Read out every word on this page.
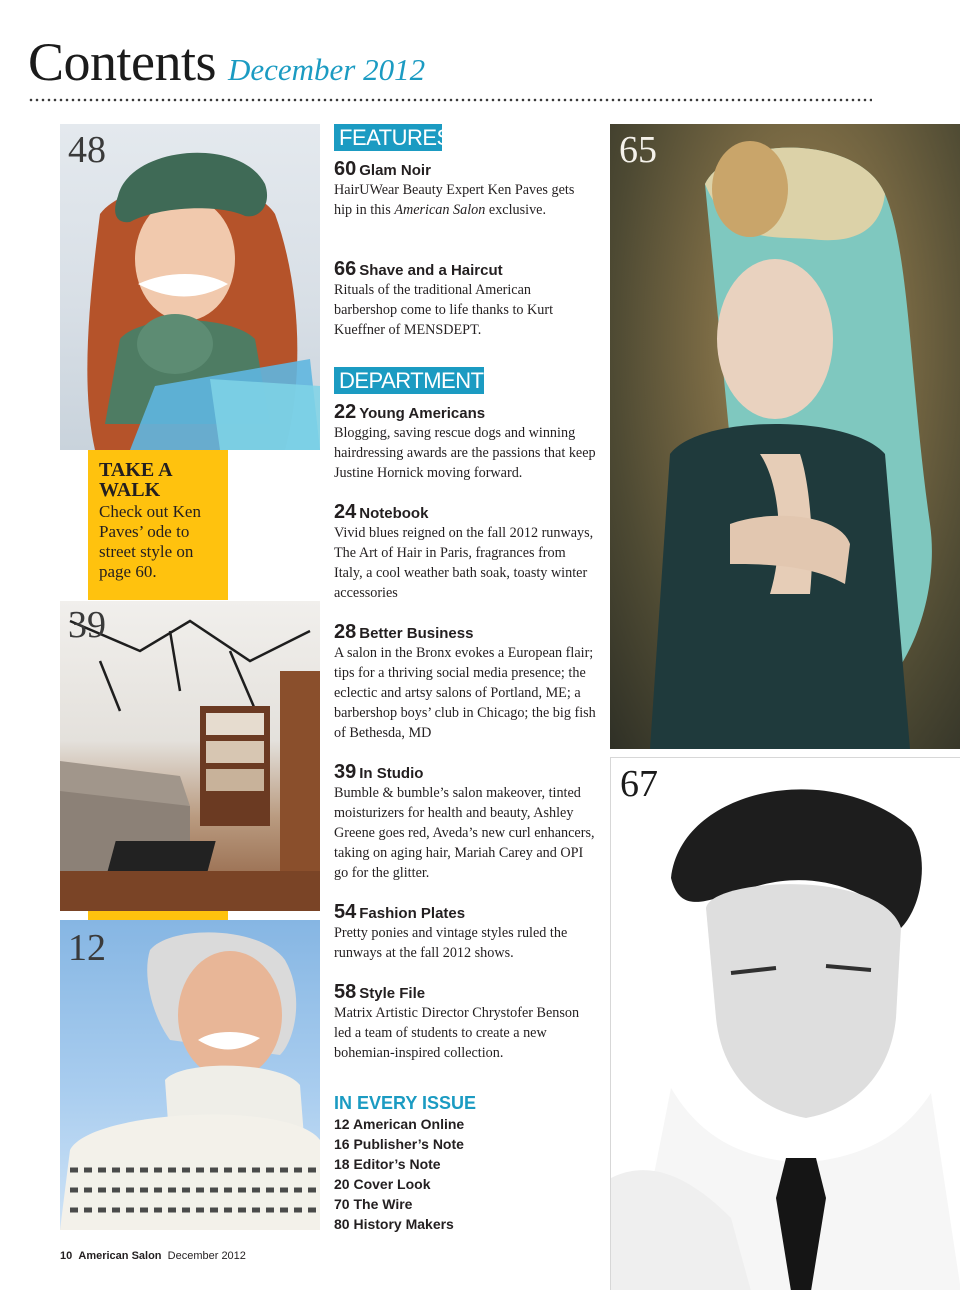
Contents December 2012
48
TAKE A WALK
Check out Ken Paves’ ode to street style on page 60.
39
12
10 American Salon December 2012
FEATURES
60 Glam Noir
HairUWear Beauty Expert Ken Paves gets hip in this American Salon exclusive.
66 Shave and a Haircut
Rituals of the traditional American barbershop come to life thanks to Kurt Kueffner of MENSDEPT.
DEPARTMENTS
22 Young Americans
Blogging, saving rescue dogs and winning hairdressing awards are the passions that keep Justine Hornick moving forward.
24 Notebook
Vivid blues reigned on the fall 2012 runways, The Art of Hair in Paris, fragrances from Italy, a cool weather bath soak, toasty winter accessories
28 Better Business
A salon in the Bronx evokes a European flair; tips for a thriving social media presence; the eclectic and artsy salons of Portland, ME; a barbershop boys’ club in Chicago; the big fish of Bethesda, MD
39 In Studio
Bumble & bumble’s salon makeover, tinted moisturizers for health and beauty, Ashley Greene goes red, Aveda’s new curl enhancers, taking on aging hair, Mariah Carey and OPI go for the glitter.
54 Fashion Plates
Pretty ponies and vintage styles ruled the runways at the fall 2012 shows.
58 Style File
Matrix Artistic Director Chrystofer Benson led a team of students to create a new bohemian-inspired collection.
IN EVERY ISSUE
12 American Online
16 Publisher’s Note
18 Editor’s Note
20 Cover Look
70 The Wire
80 History Makers
65
67
